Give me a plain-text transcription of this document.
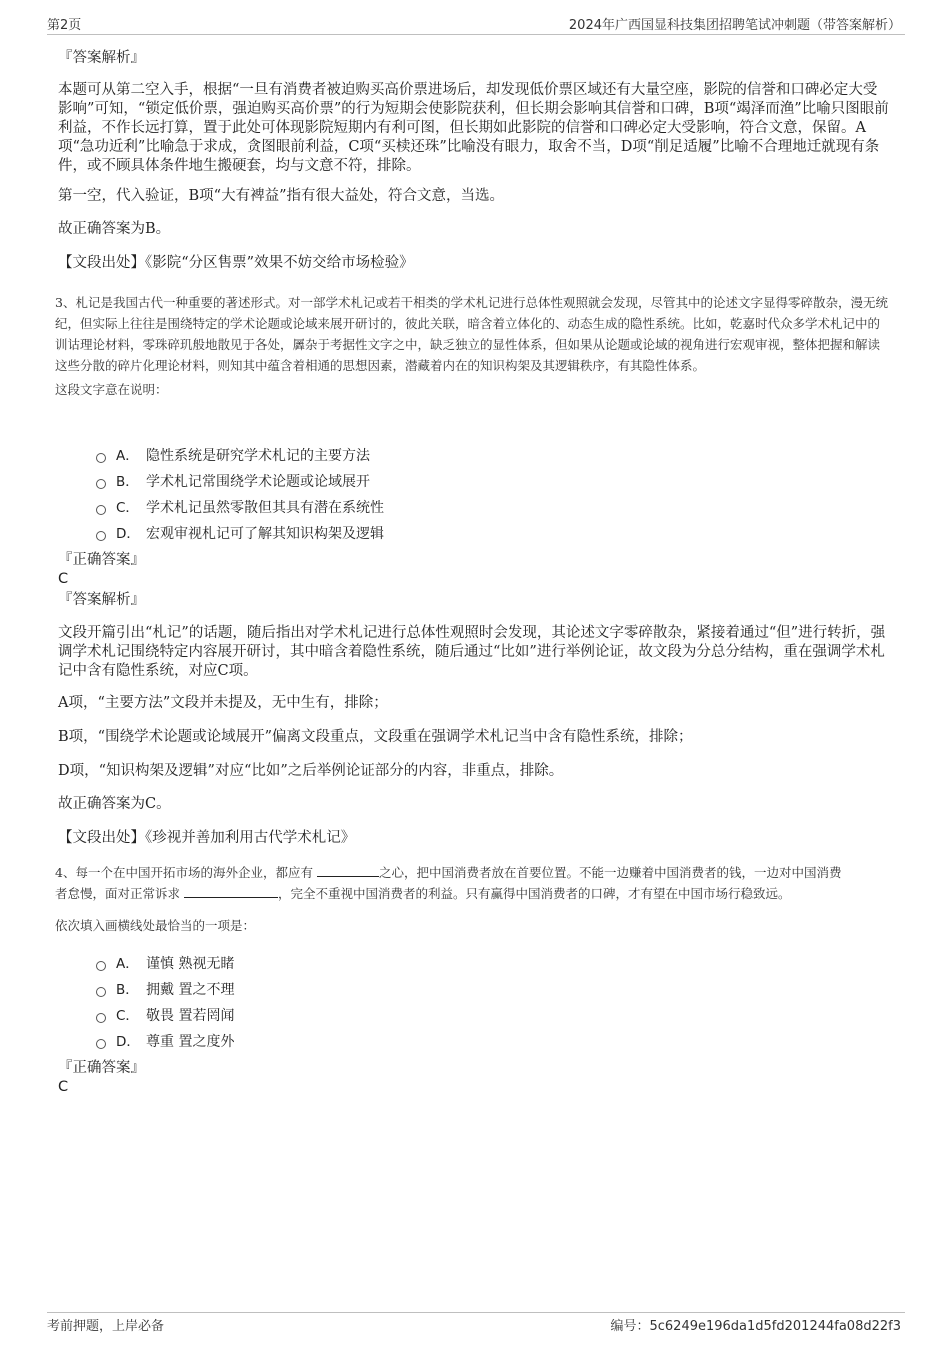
第2页	2024年广西国显科技集团招聘笔试冲刺题（带答案解析）
『答案解析』
本题可从第二空入手，根据“一旦有消费者被迫购买高价票进场后，却发现低价票区域还有大量空座，影院的信誉和口碑必定大受影响”可知，“锁定低价票，强迫购买高价票”的行为短期会使影院获利，但长期会影响其信誉和口碑，B项“竭泽而渔”比喻只图眼前利益，不作长远打算，置于此处可体现影院短期内有利可图，但长期如此影院的信誉和口碑必定大受影响，符合文意，保留。A项“急功近利”比喻急于求成，贪图眼前利益，C项“买椟还珠”比喻没有眼力，取舍不当，D项“削足适履”比喻不合理地迁就现有条件，或不顾具体条件地生搬硬套，均与文意不符，排除。
第一空，代入验证，B项“大有裨益”指有很大益处，符合文意，当选。
故正确答案为B。
【文段出处】《影院“分区售票”效果不妨交给市场检验》
3、札记是我国古代一种重要的著述形式。对一部学术札记或若干相类的学术札记进行总体性观照就会发现，尽管其中的论述文字显得零碎散杂，漫无统纪，但实际上往往是围绕特定的学术论题或论域来展开研讨的，彼此关联，暗含着立体化的、动态生成的隐性系统。比如，乾嘉时代众多学术札记中的训诂理论材料，零珠碎玑般地散见于各处，羼杂于考据性文字之中，缺乏独立的显性体系，但如果从论题或论域的视角进行宏观审视，整体把握和解读这些分散的碎片化理论材料，则知其中蕴含着相通的思想因素，潜藏着内在的知识构架及其逻辑秩序，有其隐性体系。
这段文字意在说明：
A． 隐性系统是研究学术札记的主要方法
B． 学术札记常围绕学术论题或论域展开
C． 学术札记虽然零散但其具有潜在系统性
D． 宏观审视札记可了解其知识构架及逻辑
『正确答案』
C
『答案解析』
文段开篇引出“札记”的话题，随后指出对学术札记进行总体性观照时会发现，其论述文字零碎散杂，紧接着通过“但”进行转折，强调学术札记围绕特定内容展开研讨，其中暗含着隐性系统，随后通过“比如”进行举例论证，故文段为分总分结构，重在强调学术札记中含有隐性系统，对应C项。
A项，“主要方法”文段并未提及，无中生有，排除；
B项，“围绕学术论题或论域展开”偏离文段重点，文段重在强调学术札记当中含有隐性系统，排除；
D项，“知识构架及逻辑”对应“比如”之后举例论证部分的内容，非重点，排除。
故正确答案为C。
【文段出处】《珍视并善加利用古代学术札记》
4、每一个在中国开拓市场的海外企业，都应有	之心，把中国消费者放在首要位置。不能一边赚着中国消费者的钱，一边对中国消费
者怠慢，面对正常诉求	，完全不重视中国消费者的利益。只有赢得中国消费者的口碑，才有望在中国市场行稳致远。
依次填入画横线处最恰当的一项是：
A． 谨慎 熟视无睹
B． 拥戴 置之不理
C． 敬畏 置若罔闻
D． 尊重 置之度外
『正确答案』
C
考前押题，上岸必备	编号：5c6249e196da1d5fd201244fa08d22f3
